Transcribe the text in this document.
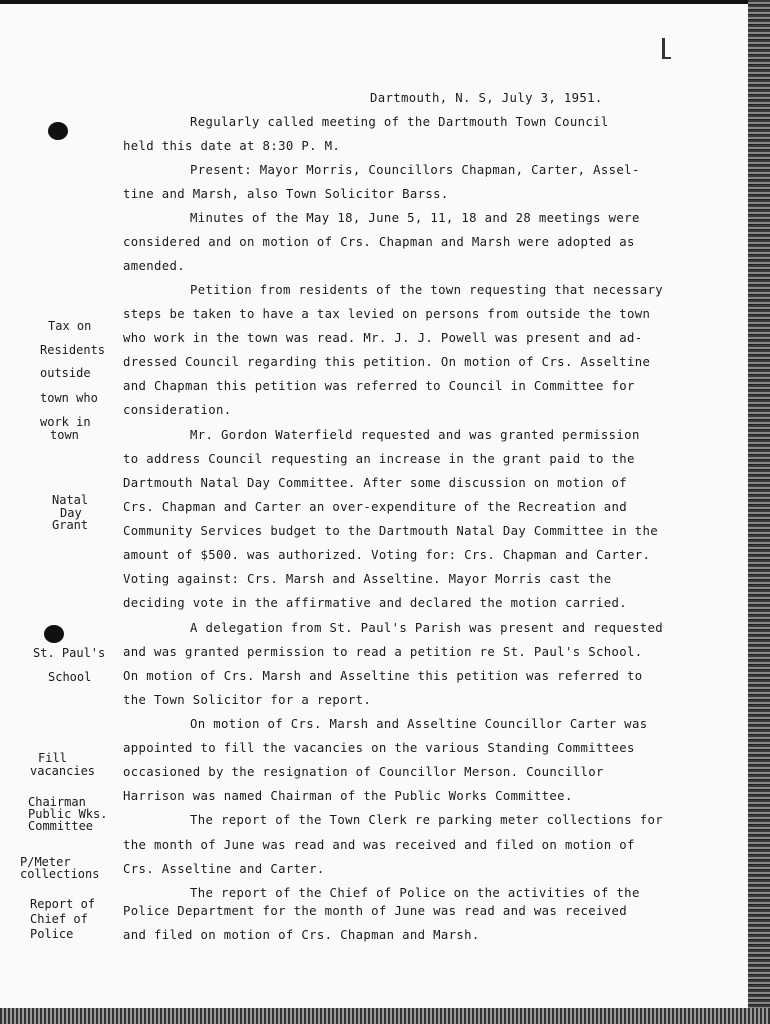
Dartmouth, N. S, July 3, 1951.
Regularly called meeting of the Dartmouth Town Council
held this date at 8:30 P. M.
Present: Mayor Morris, Councillors Chapman, Carter, Assel-
tine and Marsh, also Town Solicitor Barss.
Minutes of the May 18, June 5, 11, 18 and 28 meetings were
considered and on motion of Crs. Chapman and Marsh were adopted as
amended.
Petition from residents of the town requesting that necessary
steps be taken to have a tax levied on persons from outside the town
who work in the town was read. Mr. J. J. Powell was present and ad-
dressed Council regarding this petition. On motion of Crs. Asseltine
and Chapman this petition was referred to Council in Committee for
consideration.
Mr. Gordon Waterfield requested and was granted permission
to address Council requesting an increase in the grant paid to the
Dartmouth Natal Day Committee. After some discussion on motion of
Crs. Chapman and Carter an over-expenditure of the Recreation and
Community Services budget to the Dartmouth Natal Day Committee in the
amount of $500. was authorized. Voting for: Crs. Chapman and Carter.
Voting against: Crs. Marsh and Asseltine. Mayor Morris cast the
deciding vote in the affirmative and declared the motion carried.
A delegation from St. Paul's Parish was present and requested
and was granted permission to read a petition re St. Paul's School.
On motion of Crs. Marsh and Asseltine this petition was referred to
the Town Solicitor for a report.
On motion of Crs. Marsh and Asseltine Councillor Carter was
appointed to fill the vacancies on the various Standing Committees
occasioned by the resignation of Councillor Merson. Councillor
Harrison was named Chairman of the Public Works Committee.
The report of the Town Clerk re parking meter collections for
the month of June was read and was received and filed on motion of
Crs. Asseltine and Carter.
The report of the Chief of Police on the activities of the
Police Department for the month of June was read and was received
and filed on motion of Crs. Chapman and Marsh.
Tax on
Residents
outside
town who
work in
town
Natal
Day
Grant
St. Paul's
School
Fill
vacancies
Chairman
Public Wks.
Committee
P/Meter
collections
Report of
Chief of
Police
